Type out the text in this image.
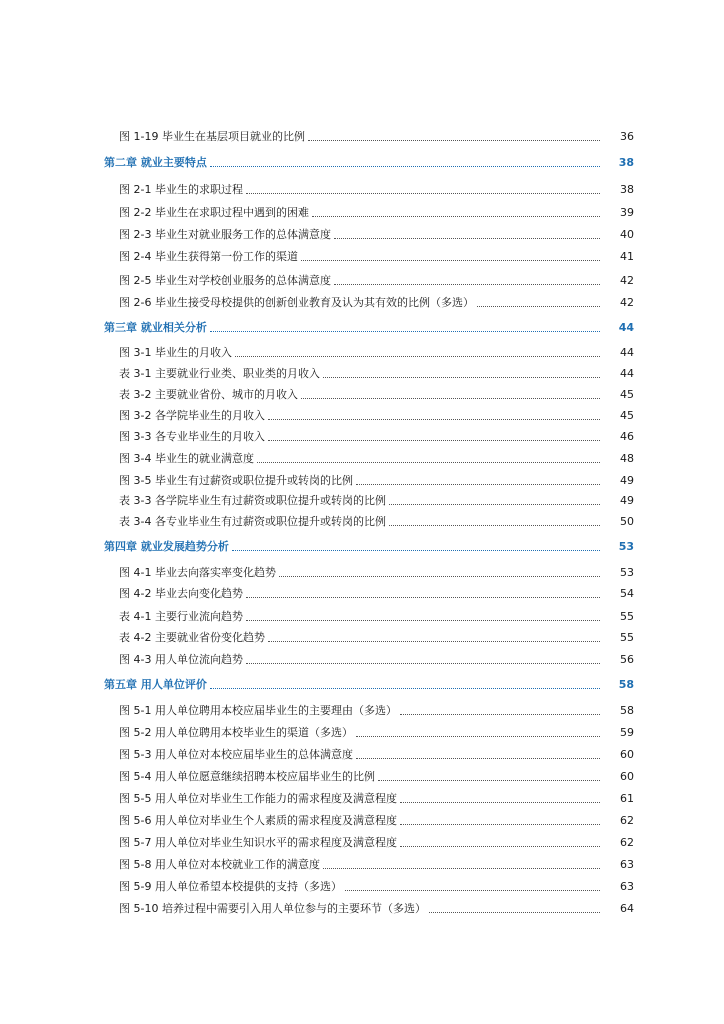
图 1-19 毕业生在基层项目就业的比例	36
第二章 就业主要特点	38
图 2-1 毕业生的求职过程	38
图 2-2 毕业生在求职过程中遇到的困难	39
图 2-3 毕业生对就业服务工作的总体满意度	40
图 2-4 毕业生获得第一份工作的渠道	41
图 2-5 毕业生对学校创业服务的总体满意度	42
图 2-6 毕业生接受母校提供的创新创业教育及认为其有效的比例（多选）	42
第三章 就业相关分析	44
图 3-1 毕业生的月收入	44
表 3-1 主要就业行业类、职业类的月收入	44
表 3-2 主要就业省份、城市的月收入	45
图 3-2 各学院毕业生的月收入	45
图 3-3 各专业毕业生的月收入	46
图 3-4 毕业生的就业满意度	48
图 3-5 毕业生有过薪资或职位提升或转岗的比例	49
表 3-3 各学院毕业生有过薪资或职位提升或转岗的比例	49
表 3-4 各专业毕业生有过薪资或职位提升或转岗的比例	50
第四章 就业发展趋势分析	53
图 4-1 毕业去向落实率变化趋势	53
图 4-2 毕业去向变化趋势	54
表 4-1 主要行业流向趋势	55
表 4-2 主要就业省份变化趋势	55
图 4-3 用人单位流向趋势	56
第五章 用人单位评价	58
图 5-1 用人单位聘用本校应届毕业生的主要理由（多选）	58
图 5-2 用人单位聘用本校毕业生的渠道（多选）	59
图 5-3 用人单位对本校应届毕业生的总体满意度	60
图 5-4 用人单位愿意继续招聘本校应届毕业生的比例	60
图 5-5 用人单位对毕业生工作能力的需求程度及满意程度	61
图 5-6 用人单位对毕业生个人素质的需求程度及满意程度	62
图 5-7 用人单位对毕业生知识水平的需求程度及满意程度	62
图 5-8 用人单位对本校就业工作的满意度	63
图 5-9 用人单位希望本校提供的支持（多选）	63
图 5-10 培养过程中需要引入用人单位参与的主要环节（多选）	64
